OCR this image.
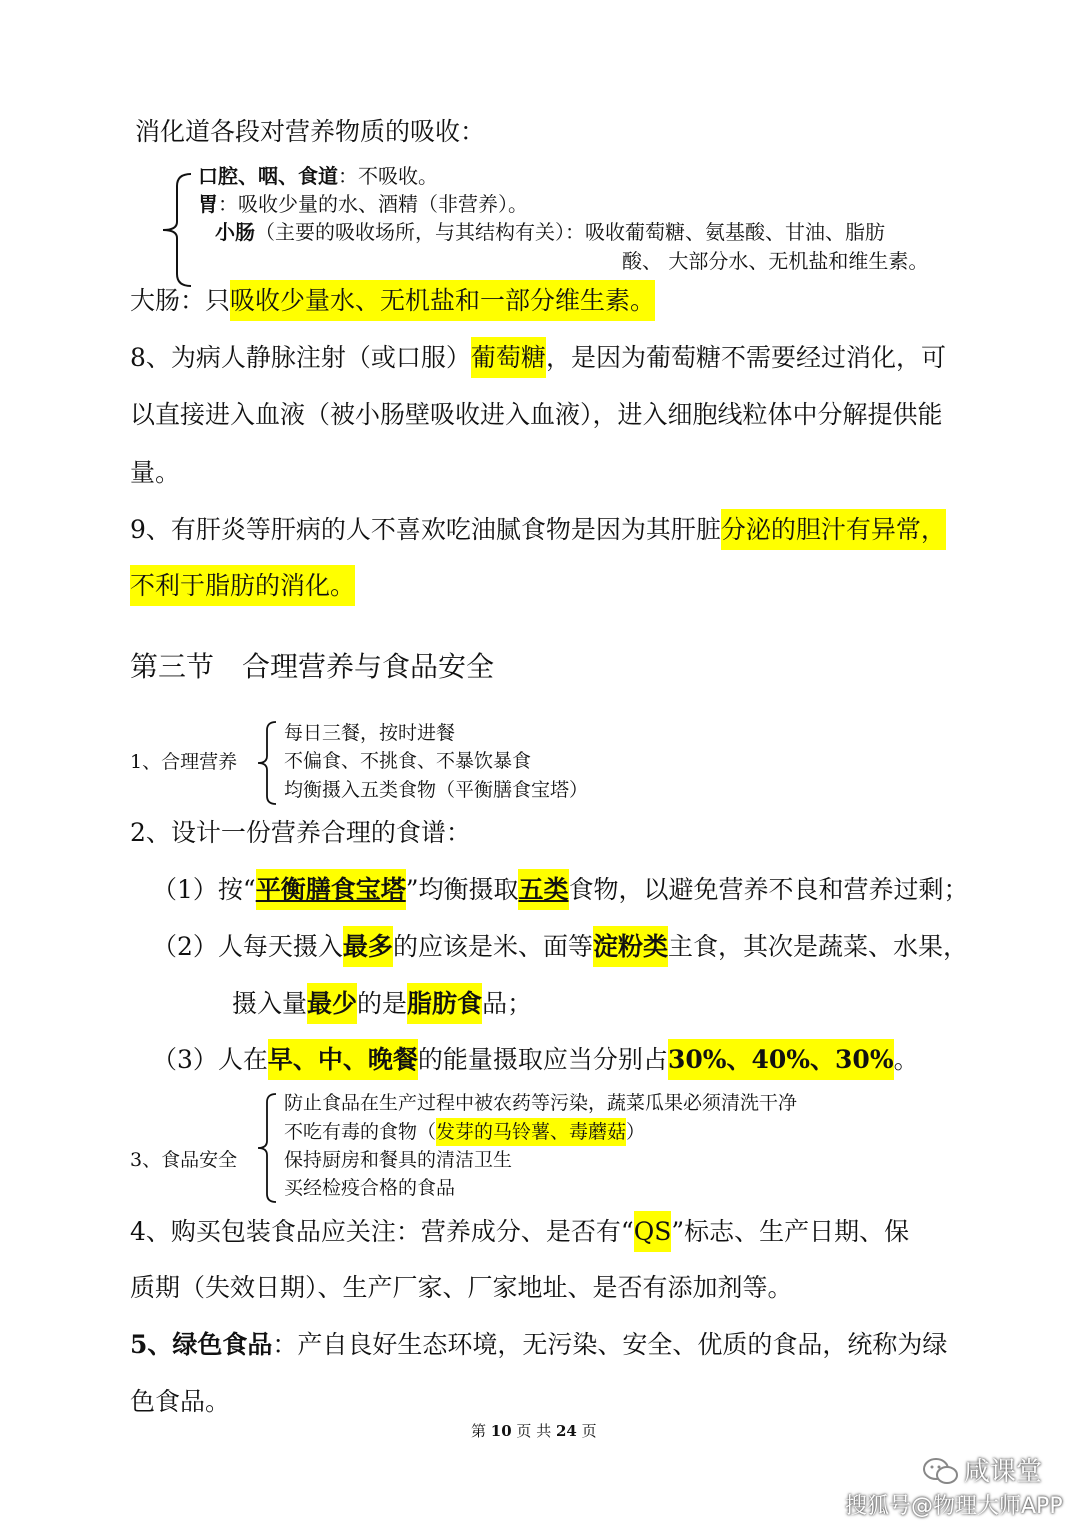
消化道各段对营养物质的吸收：
口腔、咽、食道：不吸收。
胃：吸收少量的水、酒精（非营养）。
小肠（主要的吸收场所，与其结构有关）：吸收葡萄糖、氨基酸、甘油、脂肪
酸、 大部分水、无机盐和维生素。
大肠：只吸收少量水、无机盐和一部分维生素。
8、为病人静脉注射（或口服）葡萄糖，是因为葡萄糖不需要经过消化，可
以直接进入血液（被小肠壁吸收进入血液），进入细胞线粒体中分解提供能
量。
9、有肝炎等肝病的人不喜欢吃油腻食物是因为其肝脏分泌的胆汁有异常，
不利于脂肪的消化。
第三节　合理营养与食品安全
1、合理营养
每日三餐，按时进餐
不偏食、不挑食、不暴饮暴食
均衡摄入五类食物（平衡膳食宝塔）
2、设计一份营养合理的食谱：
（1）按“平衡膳食宝塔”均衡摄取五类食物，以避免营养不良和营养过剩；
（2）人每天摄入最多的应该是米、面等淀粉类主食，其次是蔬菜、水果，
摄入量最少的是脂肪食品；
（3）人在早、中、晚餐的能量摄取应当分别占30%、40%、30%。
3、食品安全
防止食品在生产过程中被农药等污染，蔬菜瓜果必须清洗干净
不吃有毒的食物（发芽的马铃薯、毒蘑菇）
保持厨房和餐具的清洁卫生
买经检疫合格的食品
4、购买包装食品应关注：营养成分、是否有“QS”标志、生产日期、保
质期（失效日期）、生产厂家、厂家地址、是否有添加剂等。
5、绿色食品：产自良好生态环境，无污染、安全、优质的食品，统称为绿
色食品。
第 10 页 共 24 页
咸课堂
搜狐号@物理大师APP
